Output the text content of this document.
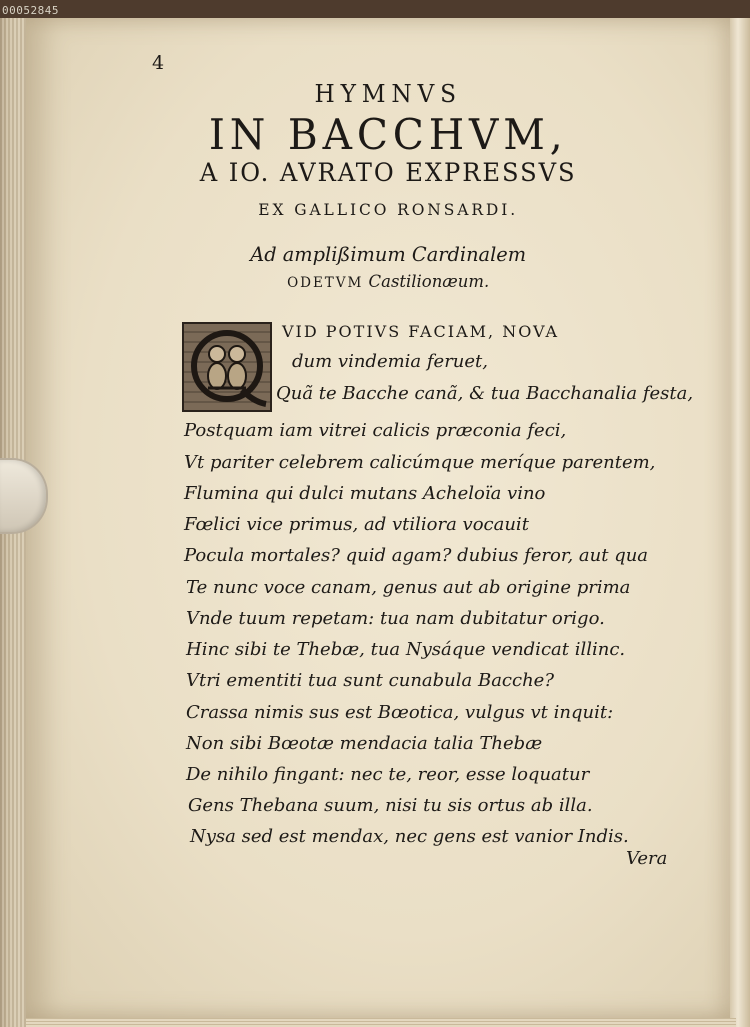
00052845
4
HYMNVS
IN BACCHVM,
A IO. AVRATO EXPRESSVS
EX GALLICO RONSARDI.
Ad amplißimum Cardinalem
ODETVM Castilionæum.
VID POTIVS FACIAM, NOVA
dum vindemia feruet,
Quã te Bacche canã, & tua Bacchanalia festa,
Postquam iam vitrei calicis præconia feci,
Vt pariter celebrem calicúmque meríque parentem,
Flumina qui dulci mutans Acheloïa vino
Fœlici vice primus, ad vtiliora vocauit
Pocula mortales? quid agam? dubius feror, aut qua
Te nunc voce canam, genus aut ab origine prima
Vnde tuum repetam: tua nam dubitatur origo.
Hinc sibi te Thebæ, tua Nysáque vendicat illinc.
Vtri ementiti tua sunt cunabula Bacche?
Crassa nimis sus est Bœotica, vulgus vt inquit:
Non sibi Bœotæ mendacia talia Thebæ
De nihilo fingant: nec te, reor, esse loquatur
Gens Thebana suum, nisi tu sis ortus ab illa.
Nysa sed est mendax, nec gens est vanior Indis.
Vera
